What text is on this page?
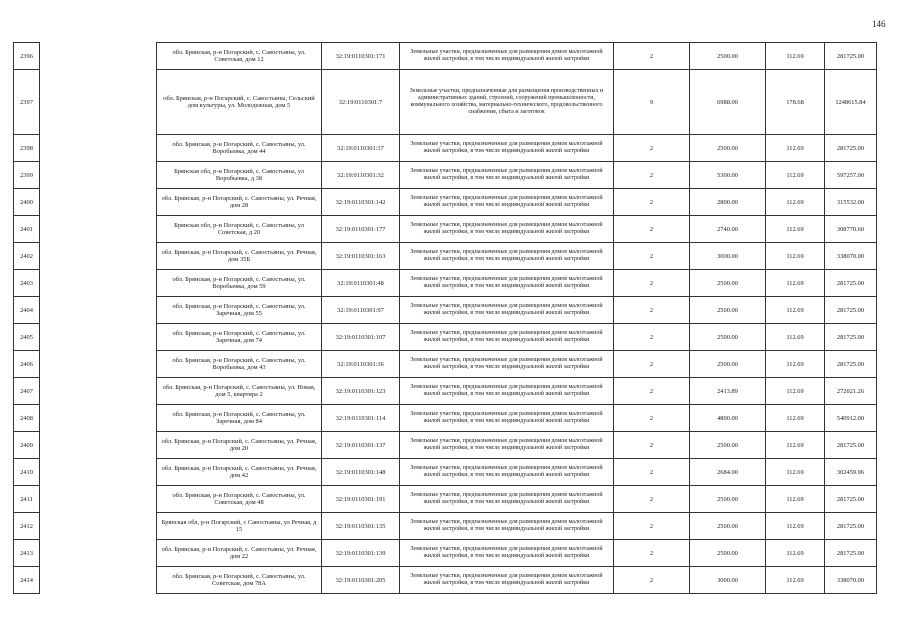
146
2396		обл. Брянская, р-н Погарский, с. Савостьяны, ул. Советская, дом 12	32:19:0110301:171	Земельные участки, предназначенные для размещения домов малоэтажной жилой застройки, в том числе индивидуальной жилой застройки	2	2500.00	112.69	281725.00
2397		обл. Брянская, р-н Погарский, с. Савостьяны, Сельский дом культуры, ул. Молодежная, дом 5	32:19:0110301:7	Земельные участки, предназначенные для размещения производственных и административных зданий, строений, сооружений промышленности, коммунального хозяйства, материально-технического, продовольственного снабжения, сбыта и заготовок	9	6988.00	178.68	1248615.84
2398		обл. Брянская, р-н Погарский, с. Савостьяны, ул. Воробьевка, дом 44	32:19:0110301:37	Земельные участки, предназначенные для размещения домов малоэтажной жилой застройки, в том числе индивидуальной жилой застройки	2	2500.00	112.69	281725.00
2399		Брянская обл, р-н Погарский, с. Савостьяны, ул Воробьевка, д 38	32:19:0110301:32	Земельные участки, предназначенные для размещения домов малоэтажной жилой застройки, в том числе индивидуальной жилой застройки	2	5300.00	112.69	597257.00
2400		обл. Брянская, р-н Погарский, с. Савостьяны, ул. Речная, дом 28	32:19:0110301:142	Земельные участки, предназначенные для размещения домов малоэтажной жилой застройки, в том числе индивидуальной жилой застройки	2	2800.00	112.69	315532.00
2401		Брянская обл, р-н Погарский, с. Савостьяны, ул Советская, д 20	32:19:0110301:177	Земельные участки, предназначенные для размещения домов малоэтажной жилой застройки, в том числе индивидуальной жилой застройки	2	2740.00	112.69	308770.60
2402		обл. Брянская, р-н Погарский, с. Савостьяны, ул. Речная, дом 35Б	32:19:0110301:163	Земельные участки, предназначенные для размещения домов малоэтажной жилой застройки, в том числе индивидуальной жилой застройки	2	3000.00	112.69	338070.00
2403		обл. Брянская, р-н Погарский, с. Савостьяны, ул. Воробьевка, дом 59	32:19:0110301:48	Земельные участки, предназначенные для размещения домов малоэтажной жилой застройки, в том числе индивидуальной жилой застройки	2	2500.00	112.69	281725.00
2404		обл. Брянская, р-н Погарский, с. Савостьяны, ул. Заречная, дом 55	32:19:0110301:97	Земельные участки, предназначенные для размещения домов малоэтажной жилой застройки, в том числе индивидуальной жилой застройки	2	2500.00	112.69	281725.00
2405		обл. Брянская, р-н Погарский, с. Савостьяны, ул. Заречная, дом 74	32:19:0110301:107	Земельные участки, предназначенные для размещения домов малоэтажной жилой застройки, в том числе индивидуальной жилой застройки	2	2500.00	112.69	281725.00
2406		обл. Брянская, р-н Погарский, с. Савостьяны, ул. Воробьевка, дом 43	32:19:0110301:36	Земельные участки, предназначенные для размещения домов малоэтажной жилой застройки, в том числе индивидуальной жилой застройки	2	2500.00	112.69	281725.00
2407		обл. Брянская, р-н Погарский, с. Савостьяны, ул. Новая, дом 5, квартира 2	32:19:0110301:123	Земельные участки, предназначенные для размещения домов малоэтажной жилой застройки, в том числе индивидуальной жилой застройки	2	2413.89	112.69	272021.26
2408		обл. Брянская, р-н Погарский, с. Савостьяны, ул. Заречная, дом 84	32:19:0110301:114	Земельные участки, предназначенные для размещения домов малоэтажной жилой застройки, в том числе индивидуальной жилой застройки	2	4800.00	112.69	540912.00
2409		обл. Брянская, р-н Погарский, с. Савостьяны, ул. Речная, дом 20	32:19:0110301:137	Земельные участки, предназначенные для размещения домов малоэтажной жилой застройки, в том числе индивидуальной жилой застройки	2	2500.00	112.69	281725.00
2410		обл. Брянская, р-н Погарский, с. Савостьяны, ул. Речная, дом 42	32:19:0110301:148	Земельные участки, предназначенные для размещения домов малоэтажной жилой застройки, в том числе индивидуальной жилой застройки	2	2684.00	112.69	302459.96
2411		обл. Брянская, р-н Погарский, с. Савостьяны, ул. Советская, дом 48	32:19:0110301:191	Земельные участки, предназначенные для размещения домов малоэтажной жилой застройки, в том числе индивидуальной жилой застройки	2	2500.00	112.69	281725.00
2412		Брянская обл, р-н Погарский, с Савостьяны, ул Речная, д 15	32:19:0110301:135	Земельные участки, предназначенные для размещения домов малоэтажной жилой застройки, в том числе индивидуальной жилой застройки	2	2500.00	112.69	281725.00
2413		обл. Брянская, р-н Погарский, с. Савостьяны, ул. Речная, дом 22	32:19:0110301:139	Земельные участки, предназначенные для размещения домов малоэтажной жилой застройки, в том числе индивидуальной жилой застройки	2	2500.00	112.69	281725.00
2414		обл. Брянская, р-н Погарский, с. Савостьяны, ул. Советская, дом 78А	32:19:0110301:205	Земельные участки, предназначенные для размещения домов малоэтажной жилой застройки, в том числе индивидуальной жилой застройки	2	3000.00	112.69	338070.00
